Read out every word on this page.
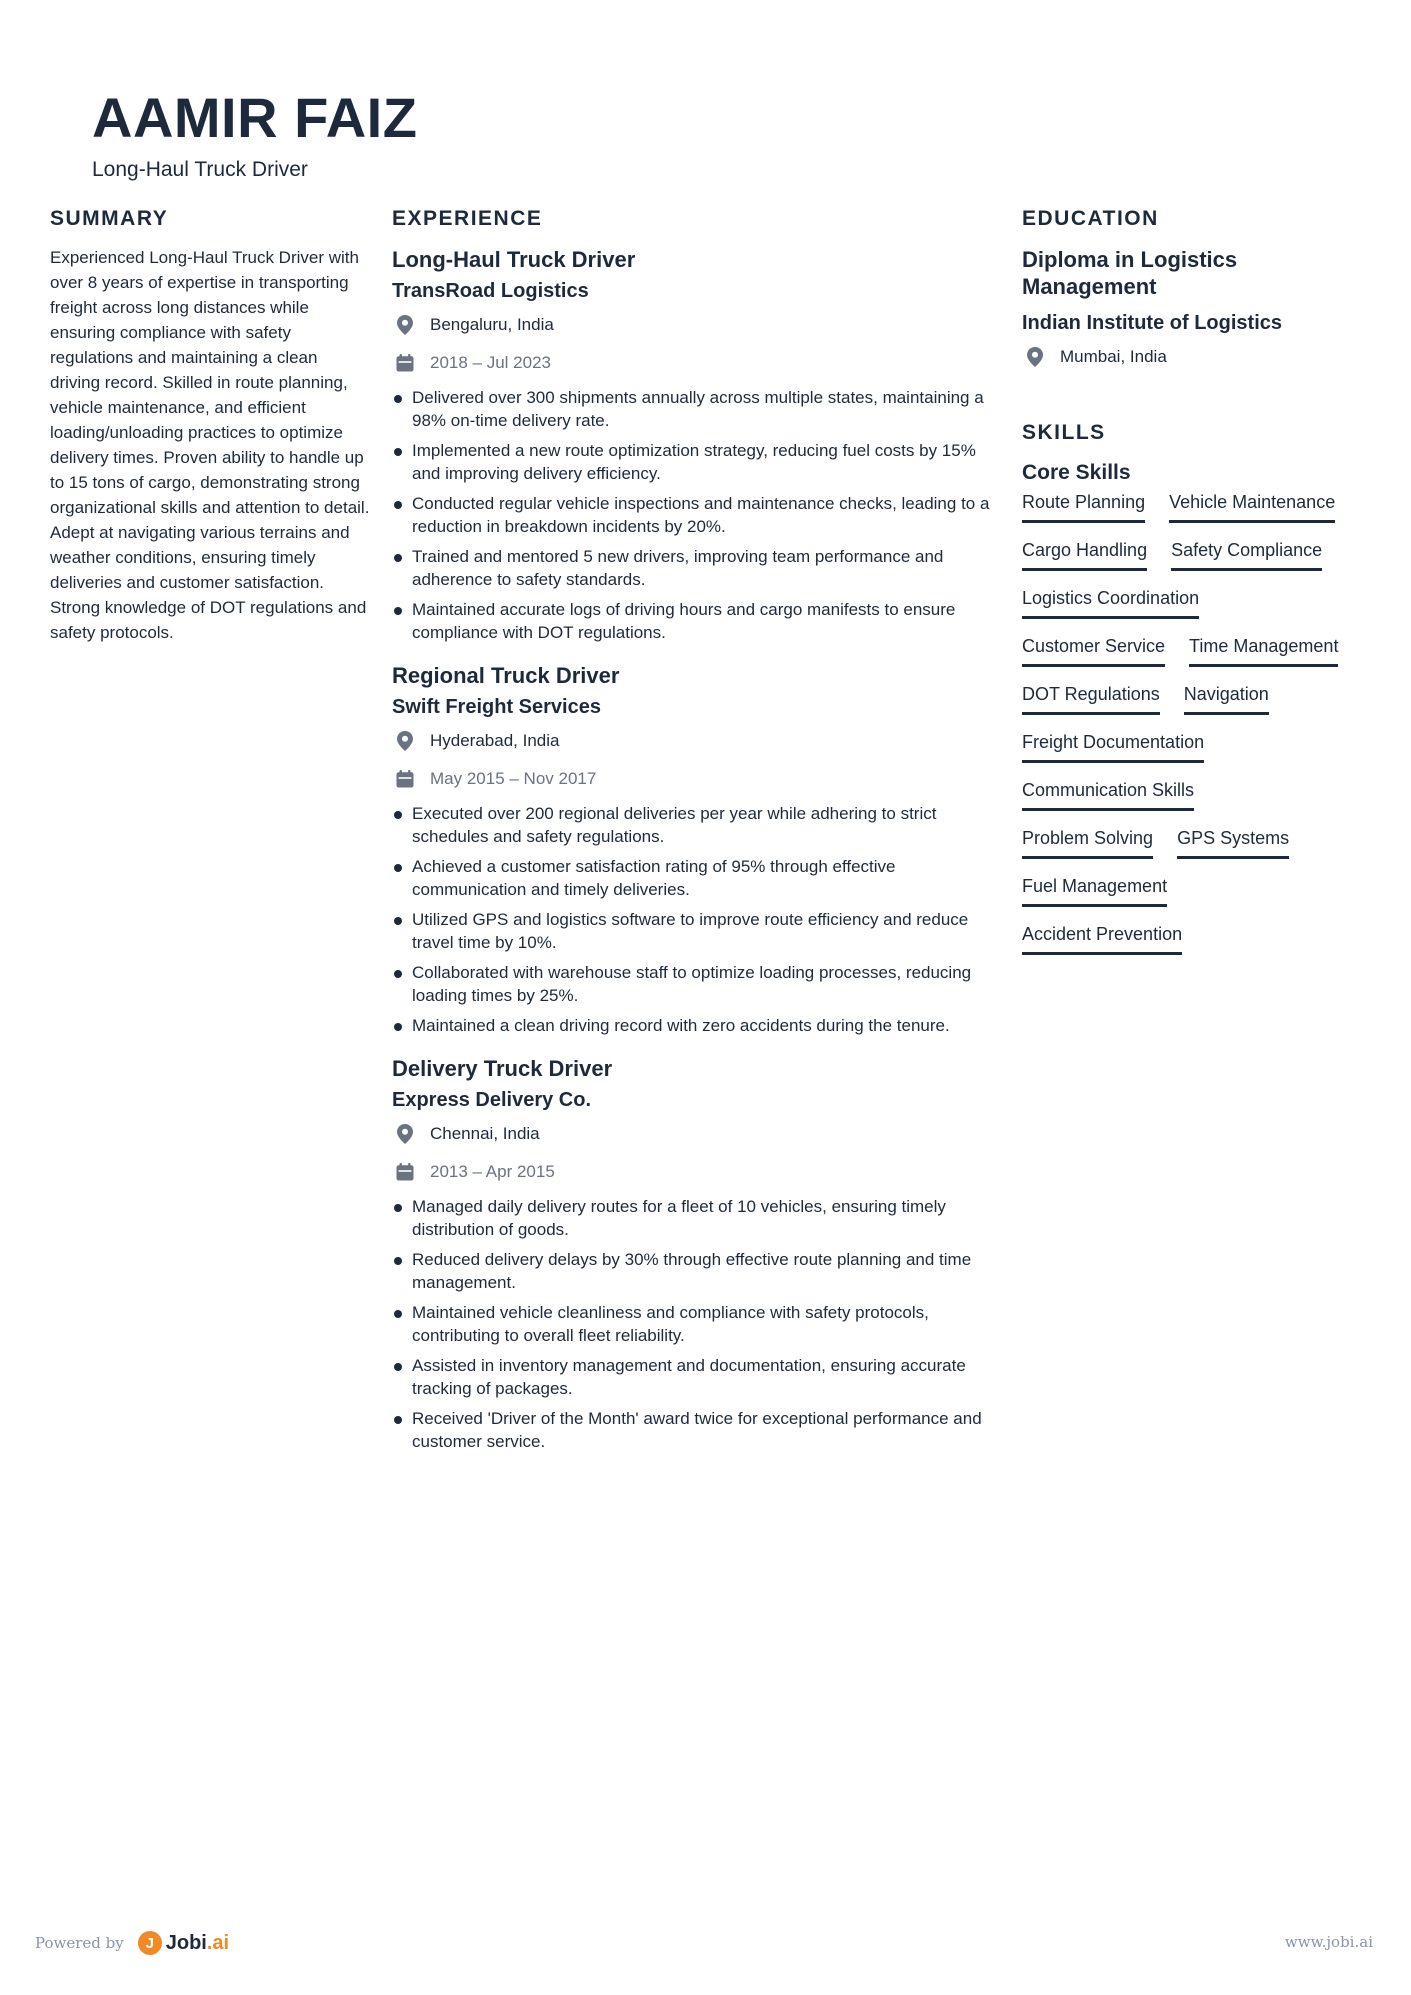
AAMIR FAIZ
Long-Haul Truck Driver
SUMMARY

Experienced Long-Haul Truck Driver with over 8 years of expertise in transporting freight across long distances while ensuring compliance with safety regulations and maintaining a clean driving record. Skilled in route planning, vehicle maintenance, and efficient loading/unloading practices to optimize delivery times. Proven ability to handle up to 15 tons of cargo, demonstrating strong organizational skills and attention to detail. Adept at navigating various terrains and weather conditions, ensuring timely deliveries and customer satisfaction. Strong knowledge of DOT regulations and safety protocols.

EXPERIENCE
Long-Haul Truck Driver
TransRoad Logistics
Bengaluru, India
2018 – Jul 2023
Delivered over 300 shipments annually across multiple states, maintaining a 98% on-time delivery rate.
Implemented a new route optimization strategy, reducing fuel costs by 15% and improving delivery efficiency.
Conducted regular vehicle inspections and maintenance checks, leading to a reduction in breakdown incidents by 20%.
Trained and mentored 5 new drivers, improving team performance and adherence to safety standards.
Maintained accurate logs of driving hours and cargo manifests to ensure compliance with DOT regulations.
Regional Truck Driver
Swift Freight Services
Hyderabad, India
May 2015 – Nov 2017
Executed over 200 regional deliveries per year while adhering to strict schedules and safety regulations.
Achieved a customer satisfaction rating of 95% through effective communication and timely deliveries.
Utilized GPS and logistics software to improve route efficiency and reduce travel time by 10%.
Collaborated with warehouse staff to optimize loading processes, reducing loading times by 25%.
Maintained a clean driving record with zero accidents during the tenure.
Delivery Truck Driver
Express Delivery Co.
Chennai, India
2013 – Apr 2015
Managed daily delivery routes for a fleet of 10 vehicles, ensuring timely distribution of goods.
Reduced delivery delays by 30% through effective route planning and time management.
Maintained vehicle cleanliness and compliance with safety protocols, contributing to overall fleet reliability.
Assisted in inventory management and documentation, ensuring accurate tracking of packages.
Received 'Driver of the Month' award twice for exceptional performance and customer service.
EDUCATION
Diploma in Logistics Management
Indian Institute of Logistics
Mumbai, India
SKILLS
Core Skills
Route Planning Vehicle Maintenance
Cargo Handling Safety Compliance
Logistics Coordination
Customer Service Time Management
DOT Regulations Navigation
Freight Documentation
Communication Skills
Problem Solving GPS Systems
Fuel Management
Accident Prevention
Powered by	J Jobi.ai	www.jobi.ai
